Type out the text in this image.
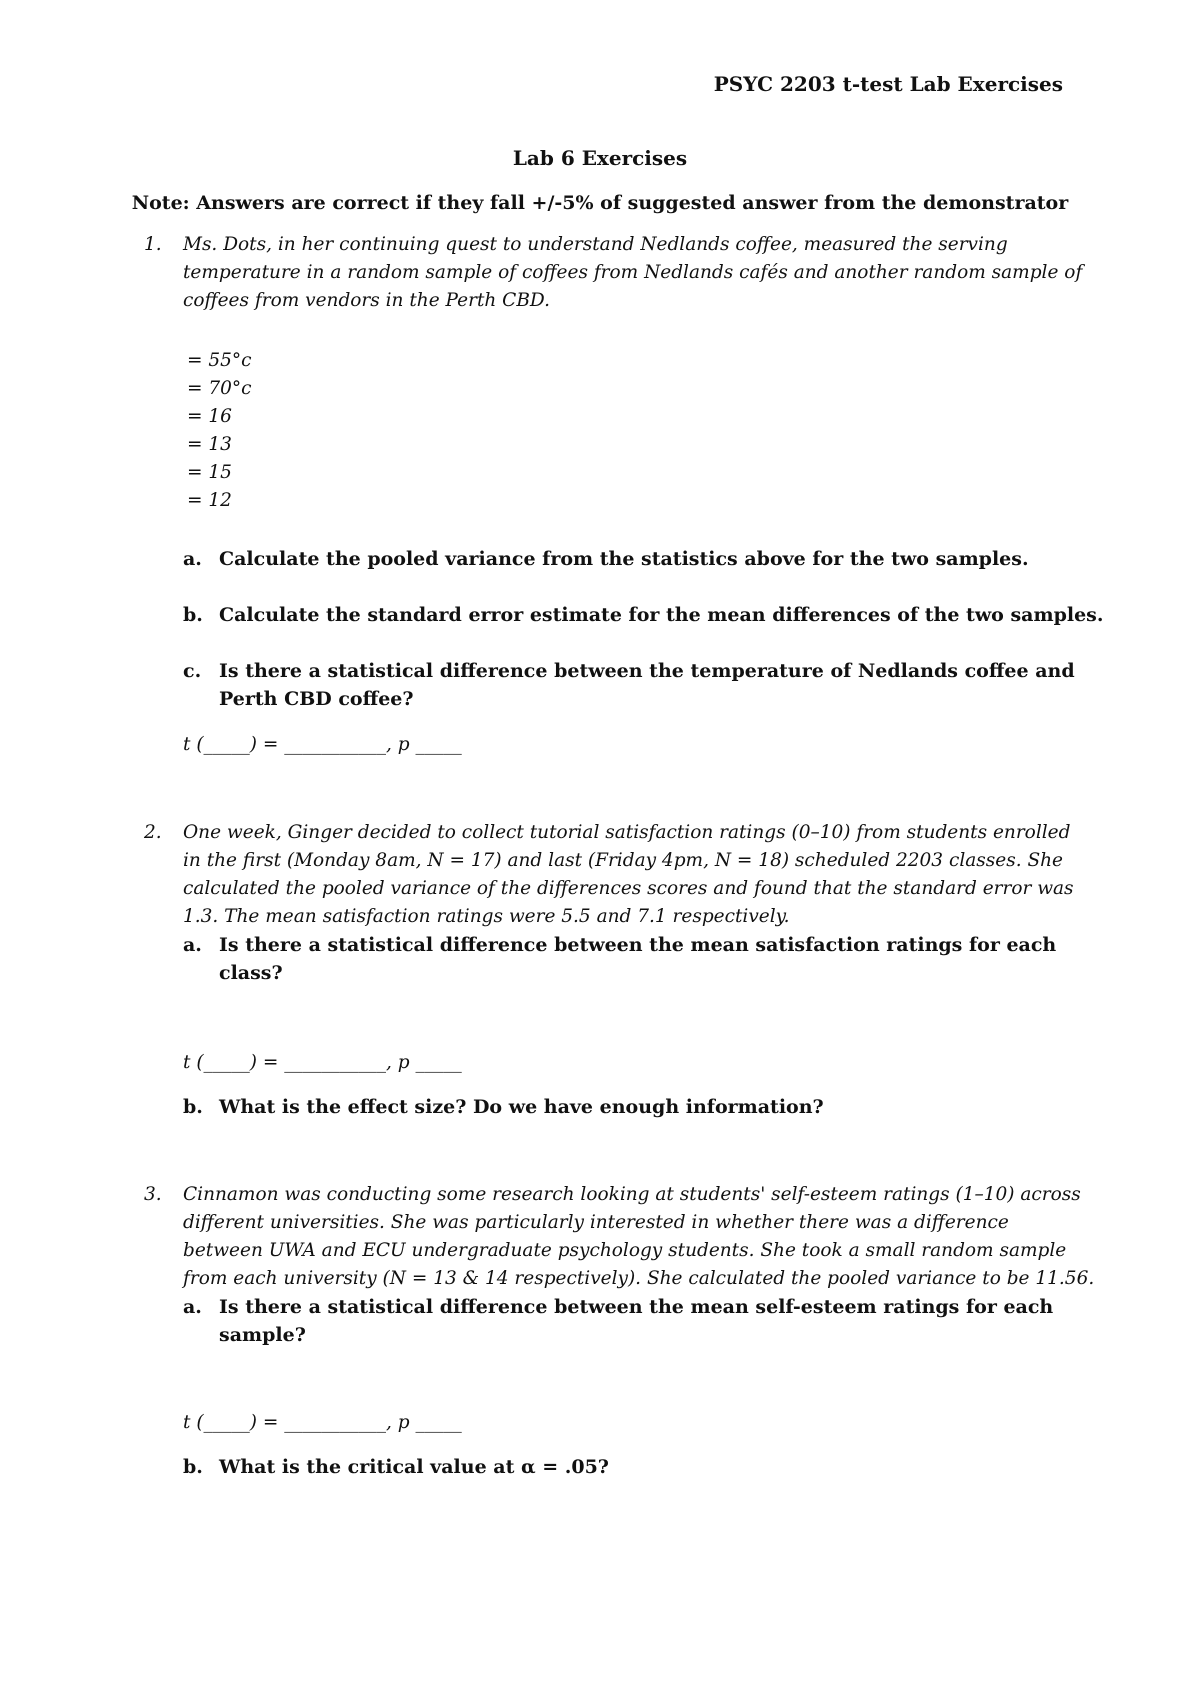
PSYC 2203 t-test Lab Exercises
Lab 6 Exercises
Note: Answers are correct if they fall +/-5% of suggested answer from the demonstrator
1. Ms. Dots, in her continuing quest to understand Nedlands coffee, measured the serving
temperature in a random sample of coffees from Nedlands cafés and another random sample of
coffees from vendors in the Perth CBD.
= 55°c
= 70°c
= 16
= 13
= 15
= 12
a. Calculate the pooled variance from the statistics above for the two samples.
b. Calculate the standard error estimate for the mean differences of the two samples.
c. Is there a statistical difference between the temperature of Nedlands coffee and
Perth CBD coffee?
t (_____) = ___________, p _____
2. One week, Ginger decided to collect tutorial satisfaction ratings (0–10) from students enrolled
in the first (Monday 8am, N = 17) and last (Friday 4pm, N = 18) scheduled 2203 classes. She
calculated the pooled variance of the differences scores and found that the standard error was
1.3. The mean satisfaction ratings were 5.5 and 7.1 respectively.
a. Is there a statistical difference between the mean satisfaction ratings for each
class?
t (_____) = ___________, p _____
b. What is the effect size? Do we have enough information?
3. Cinnamon was conducting some research looking at students' self-esteem ratings (1–10) across
different universities. She was particularly interested in whether there was a difference
between UWA and ECU undergraduate psychology students. She took a small random sample
from each university (N = 13 & 14 respectively). She calculated the pooled variance to be 11.56.
a. Is there a statistical difference between the mean self-esteem ratings for each
sample?
t (_____) = ___________, p _____
b. What is the critical value at α = .05?
